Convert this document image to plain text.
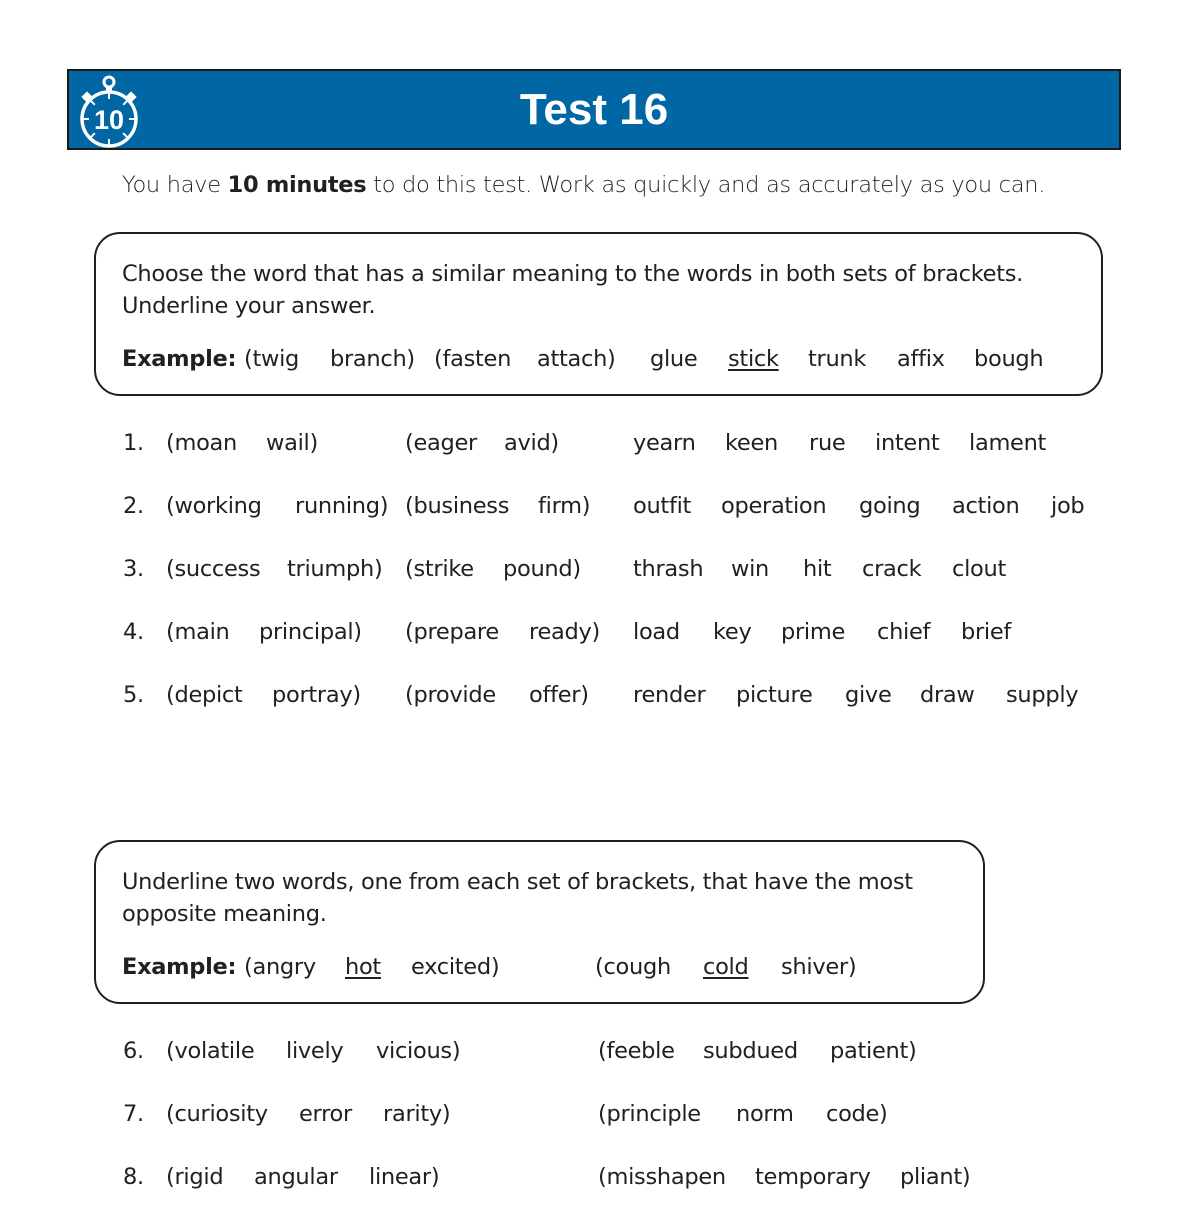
10	Test 16
You have 10 minutes to do this test. Work as quickly and as accurately as you can.
Choose the word that has a similar meaning to the words in both sets of brackets. Underline your answer.
Example: (twig branch) (fasten attach) glue stick trunk affix bough
1. (moan wail)	(eager avid)	yearn keen rue intent lament
2. (working running) (business firm) outfit operation going action job
3. (success triumph) (strike pound) thrash win hit crack clout
4. (main principal) (prepare ready) load key prime chief brief
5. (depict portray) (provide offer) render picture give draw supply
Underline two words, one from each set of brackets, that have the most opposite meaning.
Example: (angry hot excited)	(cough cold shiver)
6. (volatile lively vicious)	(feeble subdued patient)
7. (curiosity error rarity)	(principle norm code)
8. (rigid angular linear)	(misshapen temporary pliant)
